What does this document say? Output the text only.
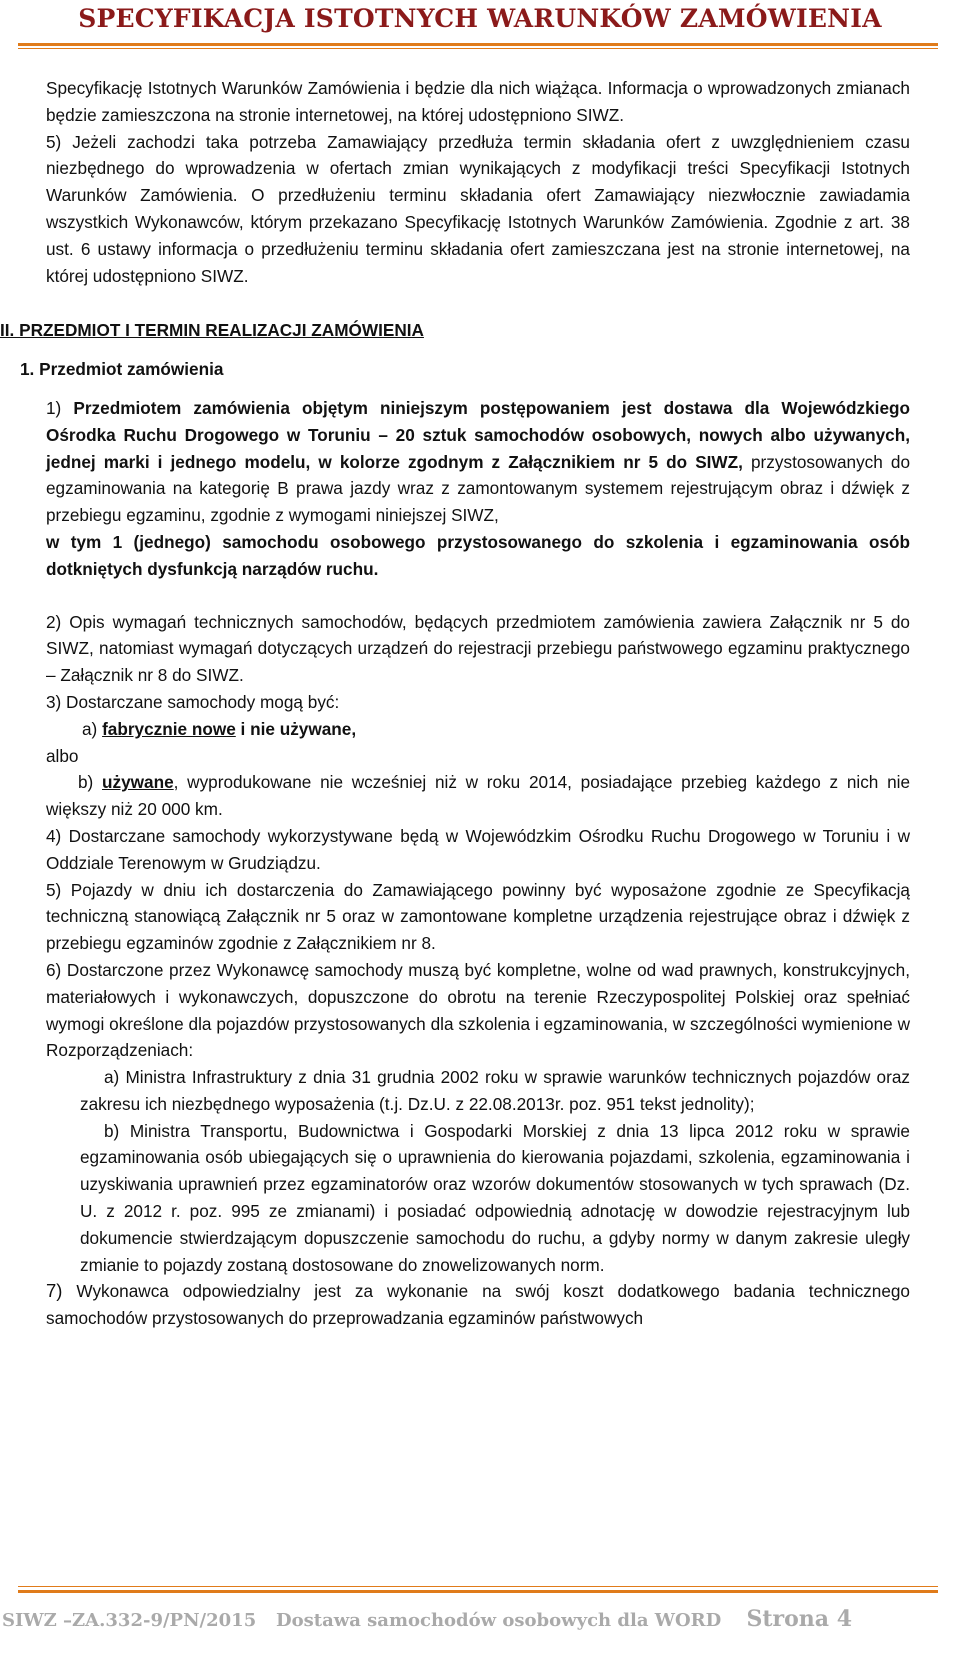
SPECYFIKACJA ISTOTNYCH WARUNKÓW ZAMÓWIENIA

Specyfikację Istotnych Warunków Zamówienia i będzie dla nich wiążąca. Informacja o wprowadzonych zmianach będzie zamieszczona na stronie internetowej, na której udostępniono SIWZ.

5) Jeżeli zachodzi taka potrzeba Zamawiający przedłuża termin składania ofert z uwzględnieniem czasu niezbędnego do wprowadzenia w ofertach zmian wynikających z modyfikacji treści Specyfikacji Istotnych Warunków Zamówienia. O przedłużeniu terminu składania ofert Zamawiający niezwłocznie zawiadamia wszystkich Wykonawców, którym przekazano Specyfikację Istotnych Warunków Zamówienia. Zgodnie z art. 38 ust. 6 ustawy informacja o przedłużeniu terminu składania ofert zamieszczana jest na stronie internetowej, na której udostępniono SIWZ.

II. PRZEDMIOT I TERMIN REALIZACJI ZAMÓWIENIA

1. Przedmiot zamówienia

1) Przedmiotem zamówienia objętym niniejszym postępowaniem jest dostawa dla Wojewódzkiego Ośrodka Ruchu Drogowego w Toruniu – 20 sztuk samochodów osobowych, nowych albo używanych, jednej marki i jednego modelu, w kolorze zgodnym z Załącznikiem nr 5 do SIWZ, przystosowanych do egzaminowania na kategorię B prawa jazdy wraz z zamontowanym systemem rejestrującym obraz i dźwięk z przebiegu egzaminu, zgodnie z wymogami niniejszej SIWZ,

w tym 1 (jednego) samochodu osobowego przystosowanego do szkolenia i egzaminowania osób dotkniętych dysfunkcją narządów ruchu.

2) Opis wymagań technicznych samochodów, będących przedmiotem zamówienia zawiera Załącznik nr 5 do SIWZ, natomiast wymagań dotyczących urządzeń do rejestracji przebiegu państwowego egzaminu praktycznego – Załącznik nr 8 do SIWZ.

3) Dostarczane samochody mogą być:

a) fabrycznie nowe i nie używane,

albo

b) używane, wyprodukowane nie wcześniej niż w roku 2014, posiadające przebieg każdego z nich nie większy niż 20 000 km.

4) Dostarczane samochody wykorzystywane będą w Wojewódzkim Ośrodku Ruchu Drogowego w Toruniu i w Oddziale Terenowym w Grudziądzu.

5) Pojazdy w dniu ich dostarczenia do Zamawiającego powinny być wyposażone zgodnie ze Specyfikacją techniczną stanowiącą Załącznik nr 5 oraz w zamontowane kompletne urządzenia rejestrujące obraz i dźwięk z przebiegu egzaminów zgodnie z Załącznikiem nr 8.

6) Dostarczone przez Wykonawcę samochody muszą być kompletne, wolne od wad prawnych, konstrukcyjnych, materiałowych i wykonawczych, dopuszczone do obrotu na terenie Rzeczypospolitej Polskiej oraz spełniać wymogi określone dla pojazdów przystosowanych dla szkolenia i egzaminowania, w szczególności wymienione w Rozporządzeniach:

a) Ministra Infrastruktury z dnia 31 grudnia 2002 roku w sprawie warunków technicznych pojazdów oraz zakresu ich niezbędnego wyposażenia (t.j. Dz.U. z 22.08.2013r. poz. 951 tekst jednolity);

b) Ministra Transportu, Budownictwa i Gospodarki Morskiej z dnia 13 lipca 2012 roku w sprawie egzaminowania osób ubiegających się o uprawnienia do kierowania pojazdami, szkolenia, egzaminowania i uzyskiwania uprawnień przez egzaminatorów oraz wzorów dokumentów stosowanych w tych sprawach (Dz. U. z 2012 r. poz. 995 ze zmianami) i posiadać odpowiednią adnotację w dowodzie rejestracyjnym lub dokumencie stwierdzającym dopuszczenie samochodu do ruchu, a gdyby normy w danym zakresie uległy zmianie to pojazdy zostaną dostosowane do znowelizowanych norm.

7) Wykonawca odpowiedzialny jest za wykonanie na swój koszt dodatkowego badania technicznego samochodów przystosowanych do przeprowadzania egzaminów państwowych

SIWZ –ZA.332-9/PN/2015 Dostawa samochodów osobowych dla WORD Strona 4
